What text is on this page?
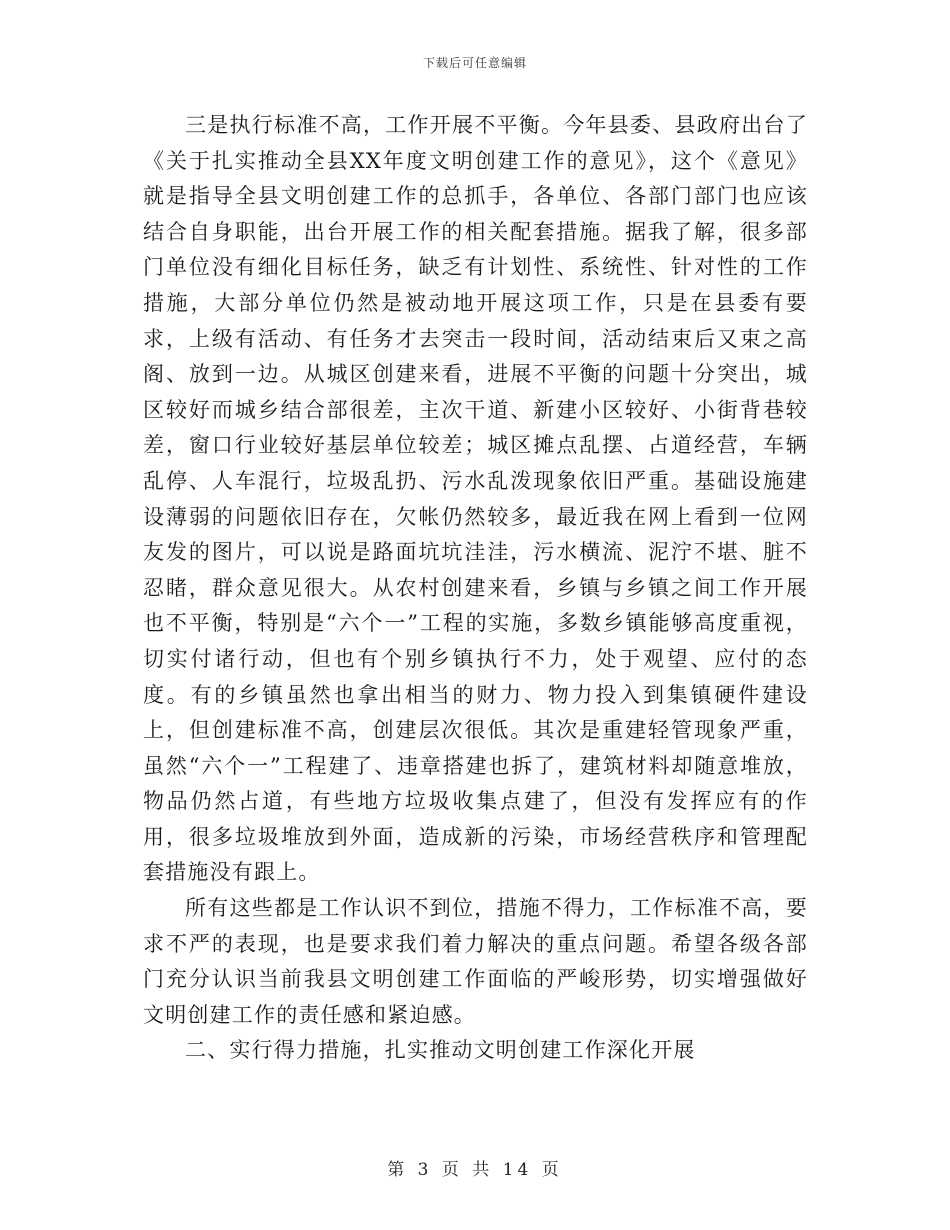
下载后可任意编辑

三是执行标准不高，工作开展不平衡。今年县委、县政府出台了《关于扎实推动全县XX年度文明创建工作的意见》，这个《意见》就是指导全县文明创建工作的总抓手，各单位、各部门部门也应该结合自身职能，出台开展工作的相关配套措施。据我了解，很多部门单位没有细化目标任务，缺乏有计划性、系统性、针对性的工作措施，大部分单位仍然是被动地开展这项工作，只是在县委有要求，上级有活动、有任务才去突击一段时间，活动结束后又束之高阁、放到一边。从城区创建来看，进展不平衡的问题十分突出，城区较好而城乡结合部很差，主次干道、新建小区较好、小街背巷较差，窗口行业较好基层单位较差；城区摊点乱摆、占道经营，车辆乱停、人车混行，垃圾乱扔、污水乱泼现象依旧严重。基础设施建设薄弱的问题依旧存在，欠帐仍然较多，最近我在网上看到一位网友发的图片，可以说是路面坑坑洼洼，污水横流、泥泞不堪、脏不忍睹，群众意见很大。从农村创建来看，乡镇与乡镇之间工作开展也不平衡，特别是“六个一”工程的实施，多数乡镇能够高度重视，切实付诸行动，但也有个别乡镇执行不力，处于观望、应付的态度。有的乡镇虽然也拿出相当的财力、物力投入到集镇硬件建设上，但创建标准不高，创建层次很低。其次是重建轻管现象严重，虽然“六个一”工程建了、违章搭建也拆了，建筑材料却随意堆放，物品仍然占道，有些地方垃圾收集点建了，但没有发挥应有的作用，很多垃圾堆放到外面，造成新的污染，市场经营秩序和管理配套措施没有跟上。

所有这些都是工作认识不到位，措施不得力，工作标准不高，要求不严的表现，也是要求我们着力解决的重点问题。希望各级各部门充分认识当前我县文明创建工作面临的严峻形势，切实增强做好文明创建工作的责任感和紧迫感。

二、实行得力措施，扎实推动文明创建工作深化开展

第 3 页 共 14 页
